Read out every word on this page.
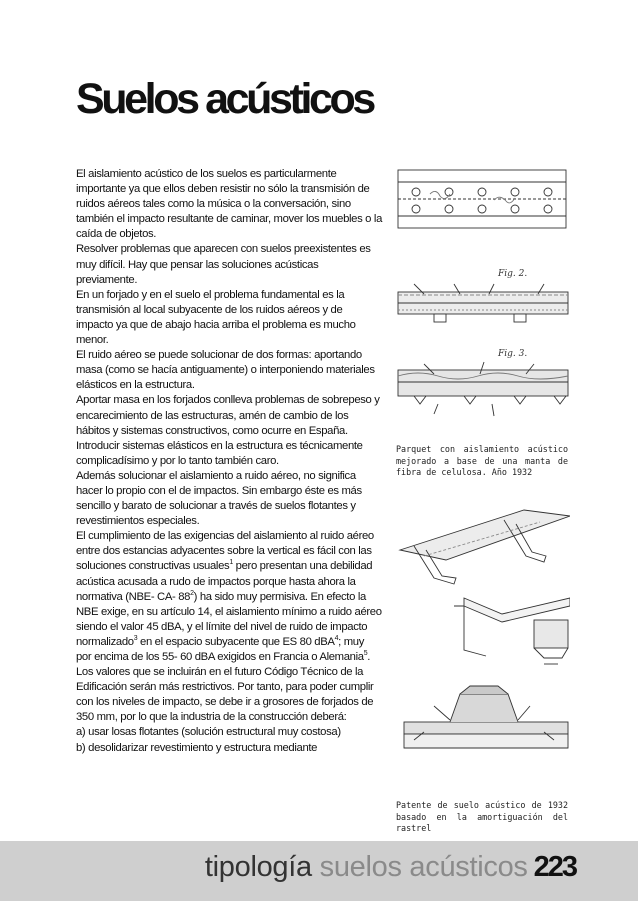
Suelos acústicos

El aislamiento acústico de los suelos es particularmente importante ya que ellos deben resistir no sólo la transmisión de ruidos aéreos tales como la música o la conversación, sino también el impacto resultante de caminar, mover los muebles o la caída de objetos.

Resolver problemas que aparecen con suelos preexistentes es muy difícil. Hay que pensar las soluciones acústicas previamente.

En un forjado y en el suelo el problema fundamental es la transmisión al local subyacente de los ruidos aéreos y de impacto ya que de abajo hacia arriba el problema es mucho menor.

El ruido aéreo se puede solucionar de dos formas: aportando masa (como se hacía antiguamente) o interponiendo materiales elásticos en la estructura.

Aportar masa en los forjados conlleva problemas de sobrepeso y encarecimiento de las estructuras, amén de cambio de los hábitos y sistemas constructivos, como ocurre en España. Introducir sistemas elásticos en la estructura es técnicamente complicadísimo y por lo tanto también caro.

Además solucionar el aislamiento a ruido aéreo, no significa hacer lo propio con el de impactos. Sin embargo éste es más sencillo y barato de solucionar a través de suelos flotantes y revestimientos especiales.

El cumplimiento de las exigencias del aislamiento al ruido aéreo entre dos estancias adyacentes sobre la vertical es fácil con las soluciones constructivas usuales$^1$ pero presentan una debilidad acústica acusada a rudo de impactos porque hasta ahora la normativa (NBE- CA- $88^2$) ha sido muy permisiva. En efecto la NBE exige, en su artículo 14, el aislamiento mínimo a ruido aéreo siendo el valor 45 dBA, y el límite del nivel de ruido de impacto normalizado$^3$ en el espacio subyacente que ES 80 dBA$^4$; muy por encima de los 55- 60 dBA exigidos en Francia o Alemania$^5$. Los valores que se incluirán en el futuro Código Técnico de la Edificación serán más restrictivos. Por tanto, para poder cumplir con los niveles de impacto, se debe ir a grosores de forjados de 350 mm, por lo que la industria de la construcción deberá:

a) usar losas flotantes (solución estructural muy costosa)

b) desolidarizar revestimiento y estructura mediante

Fig. 2.
Fig. 3.
Parquet con aislamiento acústico mejorado a base de una manta de fibra de celulosa. Año 1932
Patente de suelo acústico de 1932 basado en la amortiguación del rastrel
tipología suelos acústicos 223
